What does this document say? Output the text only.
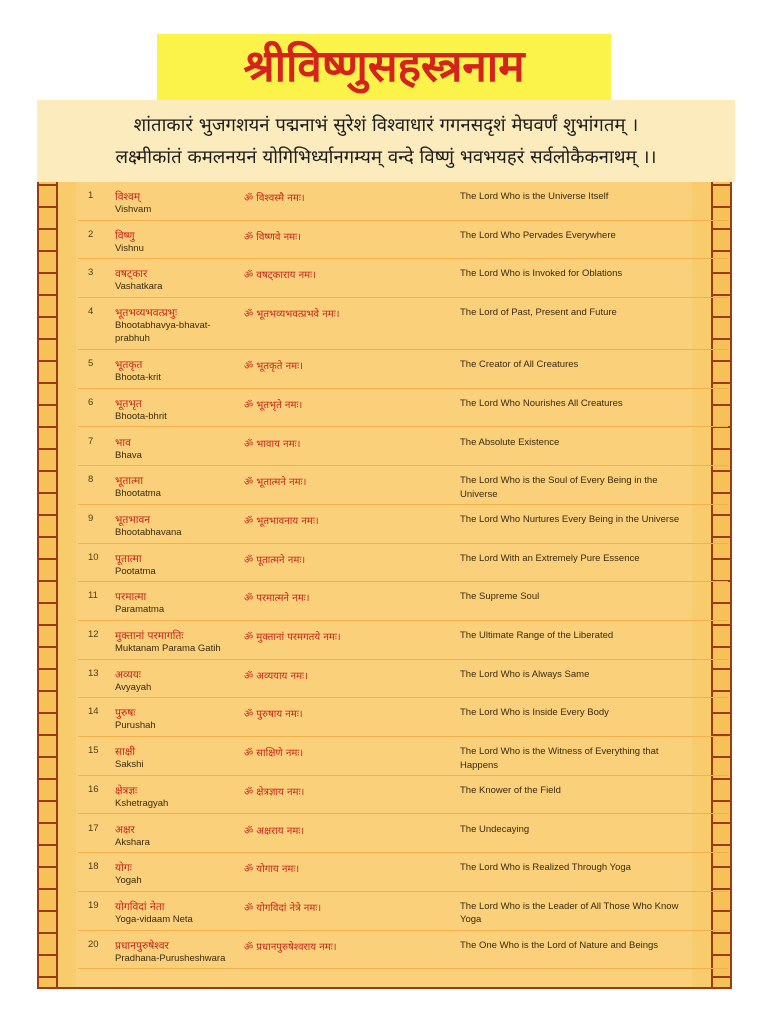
श्रीविष्णुसहस्त्रनाम
शांताकारं भुजगशयनं पद्मनाभं सुरेशं विश्वाधारं गगनसदृशं मेघवर्णं शुभांगतम् ।
लक्ष्मीकांतं कमलनयनं योगिभिर्ध्यानगम्यम् वन्दे विष्णुं भवभयहरं सर्वलोकैकनाथम् ।।
1 विश्वम्
Vishvam
ॐ विश्वस्मै नमः।	The Lord Who is the Universe Itself
2 विष्णु
Vishnu
ॐ विष्णवे नमः।	The Lord Who Pervades Everywhere
3 वषट्कार
Vashatkara
ॐ वषट्काराय नमः।	The Lord Who is Invoked for Oblations
4 भूतभव्यभवत्प्रभुः
Bhootabhavya-bhavat-prabhuh
ॐ भूतभव्यभवत्प्रभवे नमः।	The Lord of Past, Present and Future
5 भूतकृत
Bhoota-krit
ॐ भूतकृते नमः।	The Creator of All Creatures
6 भूतभृत
Bhoota-bhrit
ॐ भूतभृते नमः।	The Lord Who Nourishes All Creatures
7 भाव
Bhava
ॐ भावाय नमः।	The Absolute Existence
8 भूतात्मा
Bhootatma
ॐ भूतात्मने नमः।	The Lord Who is the Soul of Every Being in the Universe
9 भूतभावन
Bhootabhavana
ॐ भूतभावनाय नमः।	The Lord Who Nurtures Every Being in the Universe
10 पूतात्मा
Pootatma
ॐ पूतात्मने नमः।	The Lord With an Extremely Pure Essence
11 परमात्मा
Paramatma
ॐ परमात्मने नमः।	The Supreme Soul
12 मुक्तानां परमागतिः
Muktanam Parama Gatih
ॐ मुक्तानां परमगतये नमः।	The Ultimate Range of the Liberated
13 अव्ययः
Avyayah
ॐ अव्ययाय नमः।	The Lord Who is Always Same
14 पुरुषः
Purushah
ॐ पुरुषाय नमः।	The Lord Who is Inside Every Body
15 साक्षी
Sakshi
ॐ साक्षिणे नमः।	The Lord Who is the Witness of Everything that Happens
16 क्षेत्रज्ञः
Kshetragyah
ॐ क्षेत्रज्ञाय नमः।	The Knower of the Field
17 अक्षर
Akshara
ॐ अक्षराय नमः।	The Undecaying
18 योगः
Yogah
ॐ योगाय नमः।	The Lord Who is Realized Through Yoga
19 योगविदां नेता
Yoga-vidaam Neta
ॐ योगविदां नेत्रे नमः।	The Lord Who is the Leader of All Those Who Know Yoga
20 प्रधानपुरुषेश्वर
Pradhana-Purusheshwara
ॐ प्रधानपुरुषेश्वराय नमः।	The One Who is the Lord of Nature and Beings
